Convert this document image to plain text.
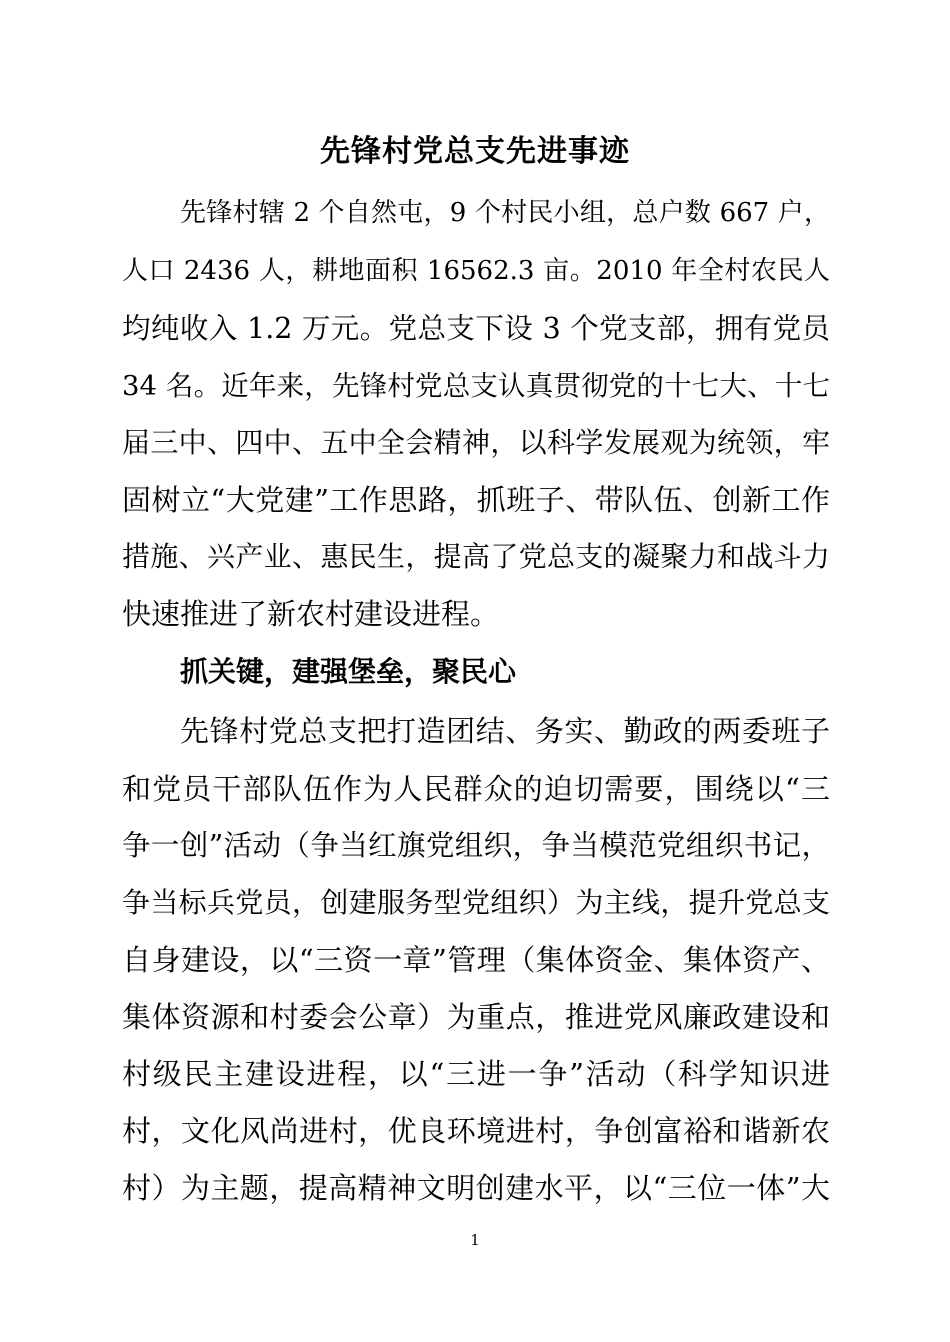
先锋村党总支先进事迹
先锋村辖 2 个自然屯，9 个村民小组，总户数 667 户，
人口 2436 人，耕地面积 16562.3 亩。2010 年全村农民人
均纯收入 1.2 万元。党总支下设 3 个党支部，拥有党员
34 名。近年来，先锋村党总支认真贯彻党的十七大、十七
届三中、四中、五中全会精神，以科学发展观为统领，牢
固树立“大党建”工作思路，抓班子、带队伍、创新工作
措施、兴产业、惠民生，提高了党总支的凝聚力和战斗力
快速推进了新农村建设进程。
抓关键，建强堡垒，聚民心
先锋村党总支把打造团结、务实、勤政的两委班子
和党员干部队伍作为人民群众的迫切需要，围绕以“三
争一创”活动（争当红旗党组织，争当模范党组织书记，
争当标兵党员，创建服务型党组织）为主线，提升党总支
自身建设，以“三资一章”管理（集体资金、集体资产、
集体资源和村委会公章）为重点，推进党风廉政建设和
村级民主建设进程，以“三进一争”活动（科学知识进
村，文化风尚进村，优良环境进村，争创富裕和谐新农
村）为主题，提高精神文明创建水平，以“三位一体”大
1
